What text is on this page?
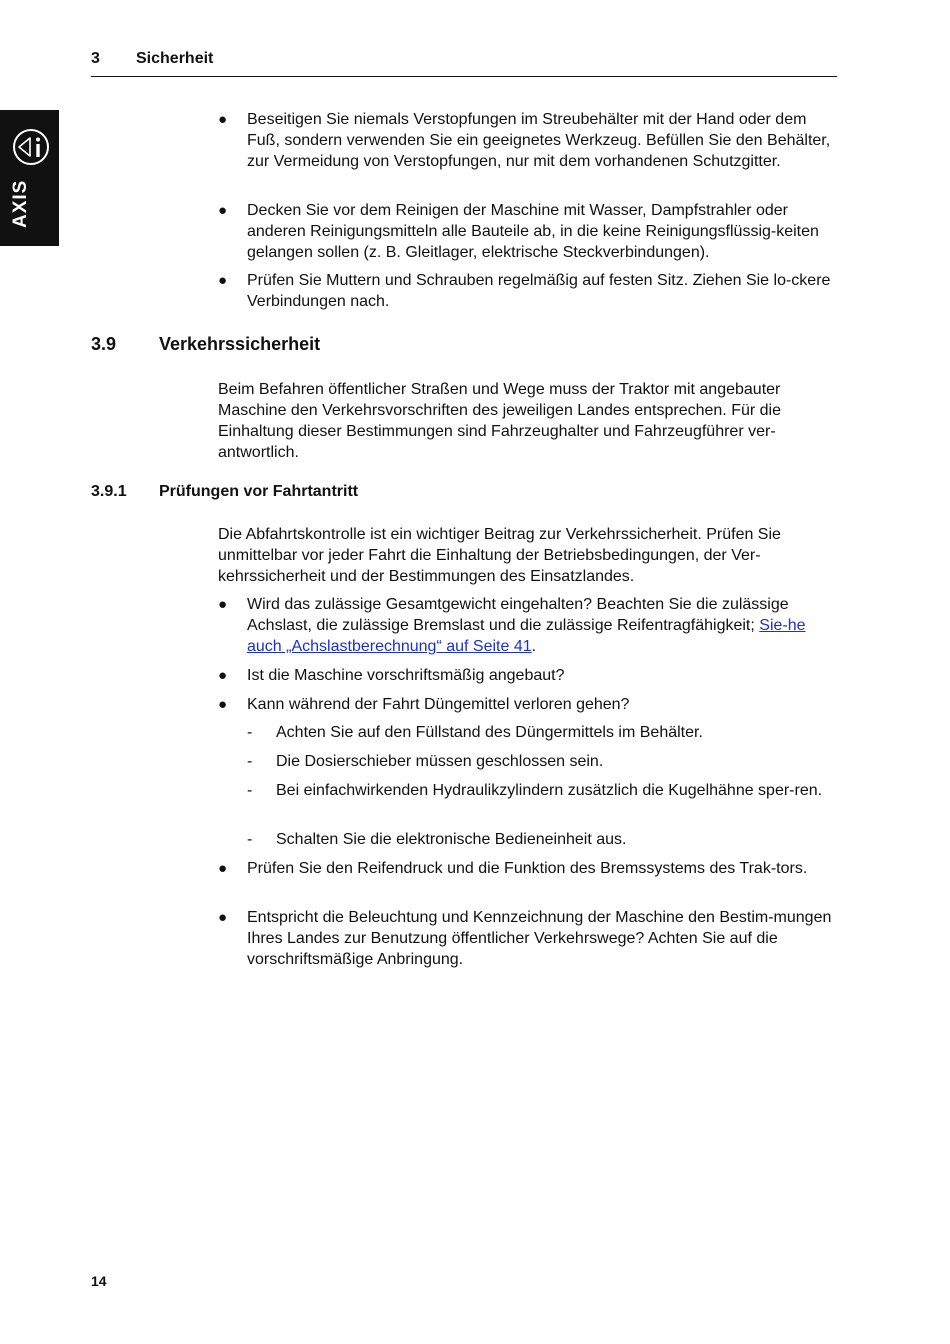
3 Sicherheit
AXIS
●	Beseitigen Sie niemals Verstopfungen im Streubehälter mit der Hand oder dem Fuß, sondern verwenden Sie ein geeignetes Werkzeug. Befüllen Sie den Behälter, zur Vermeidung von Verstopfungen, nur mit dem vorhandenen Schutzgitter.
●	Decken Sie vor dem Reinigen der Maschine mit Wasser, Dampfstrahler oder anderen Reinigungsmitteln alle Bauteile ab, in die keine Reinigungsflüssig-keiten gelangen sollen (z. B. Gleitlager, elektrische Steckverbindungen).
●	Prüfen Sie Muttern und Schrauben regelmäßig auf festen Sitz. Ziehen Sie lo-ckere Verbindungen nach.
3.9 Verkehrssicherheit

Beim Befahren öffentlicher Straßen und Wege muss der Traktor mit angebauter Maschine den Verkehrsvorschriften des jeweiligen Landes entsprechen. Für die Einhaltung dieser Bestimmungen sind Fahrzeughalter und Fahrzeugführer ver-antwortlich.

3.9.1 Prüfungen vor Fahrtantritt

Die Abfahrtskontrolle ist ein wichtiger Beitrag zur Verkehrssicherheit. Prüfen Sie unmittelbar vor jeder Fahrt die Einhaltung der Betriebsbedingungen, der Ver-kehrssicherheit und der Bestimmungen des Einsatzlandes.

●	Wird das zulässige Gesamtgewicht eingehalten? Beachten Sie die zulässige Achslast, die zulässige Bremslast und die zulässige Reifentragfähigkeit; Sie-he auch „Achslastberechnung“ auf Seite 41.
●	Ist die Maschine vorschriftsmäßig angebaut?
●	Kann während der Fahrt Düngemittel verloren gehen?
- Achten Sie auf den Füllstand des Düngermittels im Behälter.
- Die Dosierschieber müssen geschlossen sein.
- Bei einfachwirkenden Hydraulikzylindern zusätzlich die Kugelhähne sper-ren.
- Schalten Sie die elektronische Bedieneinheit aus.
●	Prüfen Sie den Reifendruck und die Funktion des Bremssystems des Trak-tors.
●	Entspricht die Beleuchtung und Kennzeichnung der Maschine den Bestim-mungen Ihres Landes zur Benutzung öffentlicher Verkehrswege? Achten Sie auf die vorschriftsmäßige Anbringung.
14
